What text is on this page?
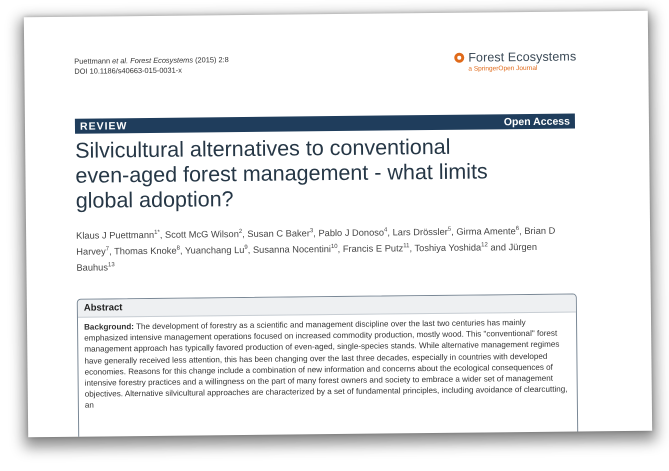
Puettmann et al. Forest Ecosystems (2015) 2:8
DOI 10.1186/s40663-015-0031-x
Forest Ecosystems
a SpringerOpen Journal
REVIEW	Open Access
Silvicultural alternatives to conventional
even-aged forest management - what limits
global adoption?
Klaus J Puettmann$^{1*}$, Scott McG Wilson$^2$, Susan C Baker$^3$, Pablo J Donoso$^4$, Lars Drössler$^5$, Girma Amente$^6$, Brian D Harvey$^7$, Thomas Knoke$^8$, Yuanchang Lu$^9$, Susanna Nocentini$^{10}$, Francis E Putz$^{11}$, Toshiya Yoshida$^{12}$ and Jürgen Bauhus$^{13}$
Abstract
Background: The development of forestry as a scientific and management discipline over the last two centuries has mainly emphasized intensive management operations focused on increased commodity production, mostly wood. This "conventional" forest management approach has typically favored production of even-aged, single-species stands. While alternative management regimes have generally received less attention, this has been changing over the last three decades, especially in countries with developed economies. Reasons for this change include a combination of new information and concerns about the ecological consequences of intensive forestry practices and a willingness on the part of many forest owners and society to embrace a wider set of management objectives. Alternative silvicultural approaches are characterized by a set of fundamental principles, including avoidance of clearcutting, an
